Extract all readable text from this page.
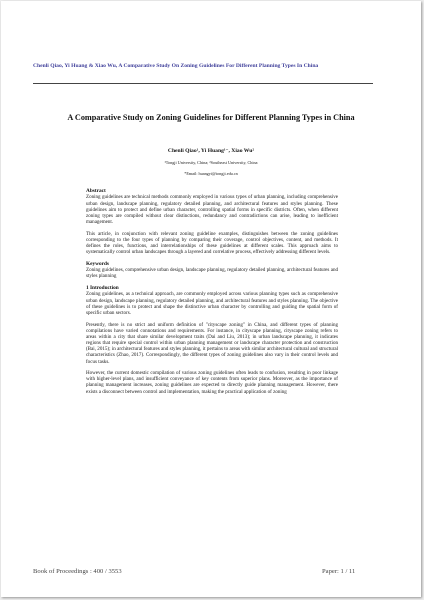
Chenli Qiao, Yi Huang & Xiao Wu, A Comparative Study On Zoning Guidelines For Different Planning Types In China
A Comparative Study on Zoning Guidelines for Different Planning Types in China
Chenli Qiao¹, Yi Huang¹⁻, Xiao Wu²
¹Tongji University, China; ²Southeast University, China
*Email: huangyi@tongji.edu.cn
Abstract

Zoning guidelines are technical methods commonly employed in various types of urban planning, including comprehensive urban design, landscape planning, regulatory detailed planning, and architectural features and styles planning. These guidelines aim to protect and define urban character, controlling spatial forms in specific districts. Often, when different zoning types are compiled without clear distinctions, redundancy and contradictions can arise, leading to inefficient management.

This article, in conjunction with relevant zoning guideline examples, distinguishes between the zoning guidelines corresponding to the four types of planning by comparing their coverage, control objectives, content, and methods. It defines the roles, functions, and interrelationships of these guidelines at different scales. This approach aims to systematically control urban landscapes through a layered and correlative process, effectively addressing different levels.

Keywords

Zoning guidelines, comprehensive urban design, landscape planning, regulatory detailed planning, architectural features and styles planning

1 Introduction

Zoning guidelines, as a technical approach, are commonly employed across various planning types such as comprehensive urban design, landscape planning, regulatory detailed planning, and architectural features and styles planning. The objective of these guidelines is to protect and shape the distinctive urban character by controlling and guiding the spatial form of specific urban sectors.

Presently, there is no strict and uniform definition of "cityscape zoning" in China, and different types of planning compilations have varied connotations and requirements. For instance, in cityscape planning, cityscape zoning refers to areas within a city that share similar development traits (Dai and Liu, 2013); in urban landscape planning, it indicates regions that require special control within urban planning management or landscape character protection and construction (Bai, 2015); in architectural features and styles planning, it pertains to areas with similar architectural cultural and structural characteristics (Zhao, 2017). Correspondingly, the different types of zoning guidelines also vary in their control levels and focus tasks.

However, the current domestic compilation of various zoning guidelines often leads to confusion, resulting in poor linkage with higher-level plans, and insufficient conveyance of key contents from superior plans. Moreover, as the importance of planning management increases, zoning guidelines are expected to directly guide planning management. However, there exists a disconnect between control and implementation, making the practical application of zoning

Book of Proceedings : 400 / 3553	Paper: 1 / 11
